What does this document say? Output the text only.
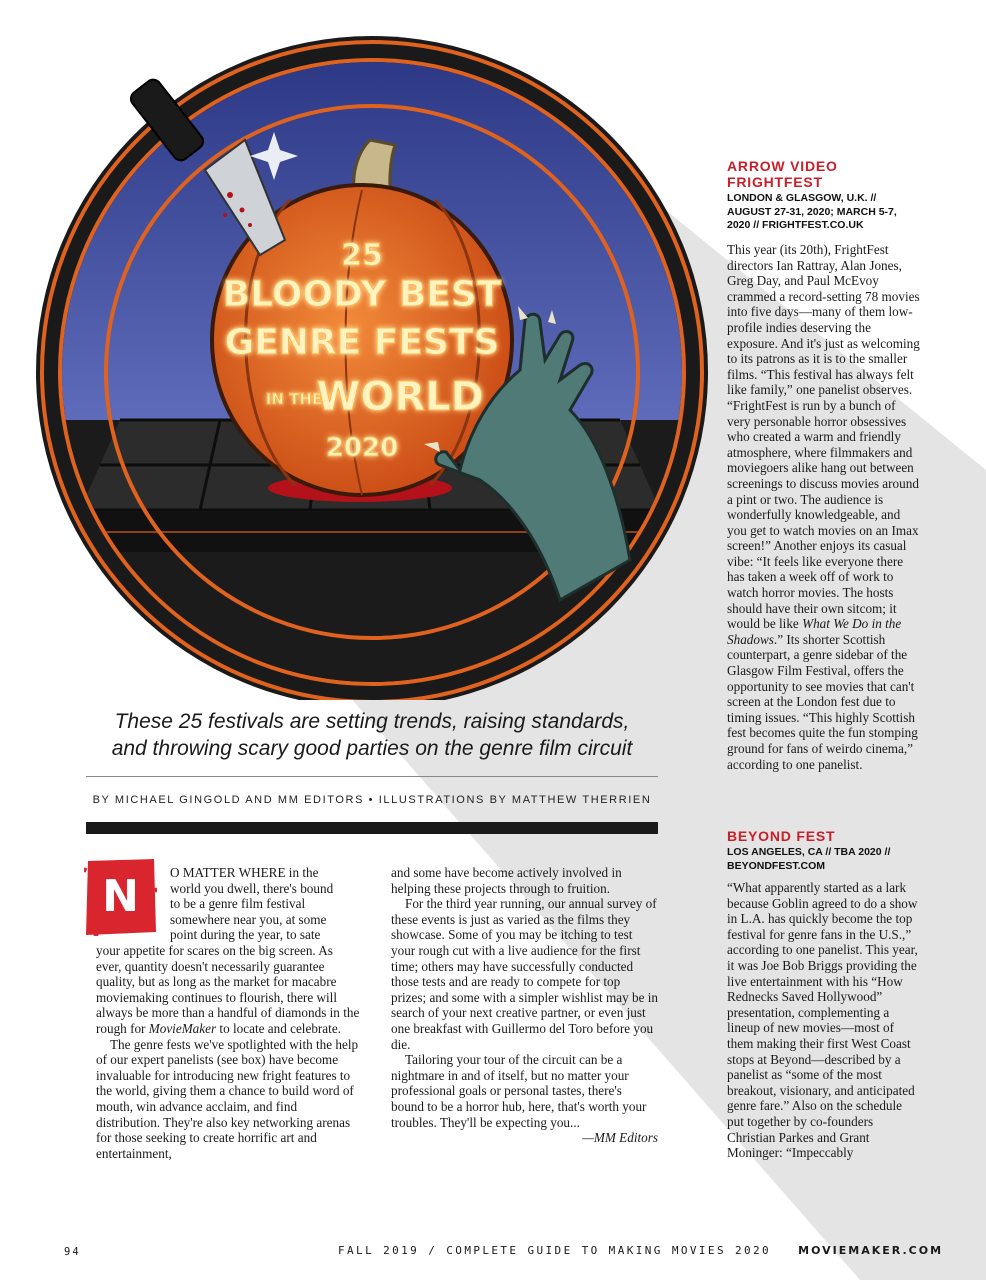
25
BLOODY BEST
GENRE FESTS
IN THE
WORLD
2020
These 25 festivals are setting trends, raising standards,
and throwing scary good parties on the genre film circuit
BY MICHAEL GINGOLD AND MM EDITORS • ILLUSTRATIONS BY MATTHEW THERRIEN
N	O MATTER WHERE in the
world you dwell, there's bound
to be a genre film festival
somewhere near you, at some
point during the year, to sate

your appetite for scares on the big screen. As ever, quantity doesn't necessarily guarantee quality, but as long as the market for macabre moviemaking continues to flourish, there will always be more than a handful of diamonds in the rough for MovieMaker to locate and celebrate.

The genre fests we've spotlighted with the help of our expert panelists (see box) have become invaluable for introducing new fright features to the world, giving them a chance to build word of mouth, win advance acclaim, and find distribution. They're also key networking arenas for those seeking to create horrific art and entertainment,

and some have become actively involved in helping these projects through to fruition.

For the third year running, our annual survey of these events is just as varied as the films they showcase. Some of you may be itching to test your rough cut with a live audience for the first time; others may have successfully conducted those tests and are ready to compete for top prizes; and some with a simpler wishlist may be in search of your next creative partner, or even just one breakfast with Guillermo del Toro before you die.

Tailoring your tour of the circuit can be a nightmare in and of itself, but no matter your professional goals or personal tastes, there's bound to be a horror hub, here, that's worth your troubles. They'll be expecting you...

—MM Editors

ARROW VIDEO FRIGHTFEST
LONDON & GLASGOW, U.K. // AUGUST 27-31, 2020; MARCH 5-7, 2020 // FRIGHTFEST.CO.UK

This year (its 20th), FrightFest directors Ian Rattray, Alan Jones, Greg Day, and Paul McEvoy crammed a record-setting 78 movies into five days—many of them low-profile indies deserving the exposure. And it's just as welcoming to its patrons as it is to the smaller films. “This festival has always felt like family,” one panelist observes. “FrightFest is run by a bunch of very personable horror obsessives who created a warm and friendly atmosphere, where filmmakers and moviegoers alike hang out between screenings to discuss movies around a pint or two. The audience is wonderfully knowledgeable, and you get to watch movies on an Imax screen!” Another enjoys its casual vibe: “It feels like everyone there has taken a week off of work to watch horror movies. The hosts should have their own sitcom; it would be like What We Do in the Shadows.” Its shorter Scottish counterpart, a genre sidebar of the Glasgow Film Festival, offers the opportunity to see movies that can't screen at the London fest due to timing issues. “This highly Scottish fest becomes quite the fun stomping ground for fans of weirdo cinema,” according to one panelist.

BEYOND FEST
LOS ANGELES, CA // TBA 2020 // BEYONDFEST.COM

“What apparently started as a lark because Goblin agreed to do a show in L.A. has quickly become the top festival for genre fans in the U.S.,” according to one panelist. This year, it was Joe Bob Briggs providing the live entertainment with his “How Rednecks Saved Hollywood” presentation, complementing a lineup of new movies—most of them making their first West Coast stops at Beyond—described by a panelist as “some of the most breakout, visionary, and anticipated genre fare.” Also on the schedule put together by co-founders Christian Parkes and Grant Moninger: “Impeccably

94	FALL 2019 / COMPLETE GUIDE TO MAKING MOVIES 2020 MOVIEMAKER.COM
